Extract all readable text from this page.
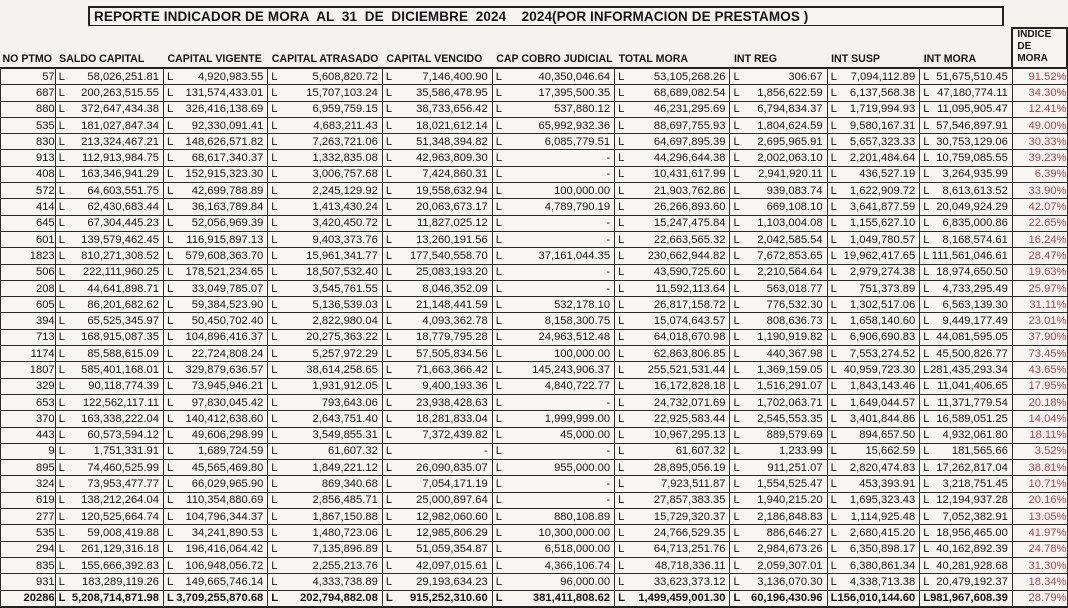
REPORTE INDICADOR DE MORA  AL  31  DE  DICIEMBRE  2024    2024(POR INFORMACION DE PRESTAMOS )
NO PTMO	SALDO CAPITAL	CAPITAL VIGENTE	CAPITAL ATRASADO	CAPITAL VENCIDO	CAP COBRO JUDICIAL	TOTAL MORA	INT REG	INT SUSP	INT MORA	INDICE DE MORA
57	L 58,026,251.81	L 4,920,983.55	L 5,608,820.72	L 7,146,400.90	L 40,350,046.64	L 53,105,268.26	L 306.67	L 7,094,112.89	L 51,675,510.45	91.52%
687	L 200,263,515.55	L 131,574,433.01	L 15,707,103.24	L 35,586,478.95	L 17,395,500.35	L 68,689,082.54	L 1,856,622.59	L 6,137,568.38	L 47,180,774.11	34.30%
880	L 372,647,434.38	L 326,416,138.69	L 6,959,759.15	L 38,733,656.42	L 537,880.12	L 46,231,295.69	L 6,794,834.37	L 1,719,994.93	L 11,095,905.47	12.41%
535	L 181,027,847.34	L 92,330,091.41	L 4,683,211.43	L 18,021,612.14	L 65,992,932.36	L 88,697,755.93	L 1,804,624.59	L 9,580,167.31	L 57,546,897.91	49.00%
830	L 213,324,467.21	L 148,626,571.82	L 7,263,721.06	L 51,348,394.82	L 6,085,779.51	L 64,697,895.39	L 2,695,965.91	L 5,657,323.33	L 30,753,129.06	30.33%
913	L 112,913,984.75	L 68,617,340.37	L 1,332,835.08	L 42,963,809.30	L -	L 44,296,644.38	L 2,002,063.10	L 2,201,484.64	L 10,759,085.55	39.23%
408	L 163,346,941.29	L 152,915,323.30	L 3,006,757.68	L 7,424,860.31	L -	L 10,431,617.99	L 2,941,920.11	L 436,527.19	L 3,264,935.99	6.39%
572	L 64,603,551.75	L 42,699,788.89	L 2,245,129.92	L 19,558,632.94	L 100,000.00	L 21,903,762.86	L 939,083.74	L 1,622,909.72	L 8,613,613.52	33.90%
414	L 62,430,683.44	L 36,163,789.84	L 1,413,430.24	L 20,063,673.17	L 4,789,790.19	L 26,266,893.60	L 669,108.10	L 3,641,877.59	L 20,049,924.29	42.07%
645	L 67,304,445.23	L 52,056,969.39	L 3,420,450.72	L 11,827,025.12	L -	L 15,247,475.84	L 1,103,004.08	L 1,155,627.10	L 6,835,000.86	22.65%
601	L 139,579,462.45	L 116,915,897.13	L 9,403,373.76	L 13,260,191.56	L -	L 22,663,565.32	L 2,042,585.54	L 1,049,780.57	L 8,168,574.61	16.24%
1823	L 810,271,308.52	L 579,608,363.70	L 15,961,341.77	L 177,540,558.70	L 37,161,044.35	L 230,662,944.82	L 7,672,853.65	L 19,962,417.65	L 111,561,046.61	28.47%
506	L 222,111,960.25	L 178,521,234.65	L 18,507,532.40	L 25,083,193.20	L -	L 43,590,725.60	L 2,210,564.64	L 2,979,274.38	L 18,974,650.50	19.63%
208	L 44,641,898.71	L 33,049,785.07	L 3,545,761.55	L 8,046,352.09	L -	L 11,592,113.64	L 563,018.77	L 751,373.89	L 4,733,295.49	25.97%
605	L 86,201,682.62	L 59,384,523.90	L 5,136,539.03	L 21,148,441.59	L 532,178.10	L 26,817,158.72	L 776,532.30	L 1,302,517.06	L 6,563,139.30	31.11%
394	L 65,525,345.97	L 50,450,702.40	L 2,822,980.04	L 4,093,362.78	L 8,158,300.75	L 15,074,643.57	L 808,636.73	L 1,658,140.60	L 9,449,177.49	23.01%
713	L 168,915,087.35	L 104,896,416.37	L 20,275,363.22	L 18,779,795.28	L 24,963,512.48	L 64,018,670.98	L 1,190,919.82	L 6,906,690.83	L 44,081,595.05	37.90%
1174	L 85,588,615.09	L 22,724,808.24	L 5,257,972.29	L 57,505,834.56	L 100,000.00	L 62,863,806.85	L 440,367.98	L 7,553,274.52	L 45,500,826.77	73.45%
1807	L 585,401,168.01	L 329,879,636.57	L 38,614,258.65	L 71,663,366.42	L 145,243,906.37	L 255,521,531.44	L 1,369,159.05	L 40,959,723.30	L 281,435,293.34	43.65%
329	L 90,118,774.39	L 73,945,946.21	L 1,931,912.05	L 9,400,193.36	L 4,840,722.77	L 16,172,828.18	L 1,516,291.07	L 1,843,143.46	L 11,041,406.65	17.95%
653	L 122,562,117.11	L 97,830,045.42	L 793,643.06	L 23,938,428.63	L -	L 24,732,071.69	L 1,702,063.71	L 1,649,044.57	L 11,371,779.54	20.18%
370	L 163,338,222.04	L 140,412,638.60	L 2,643,751.40	L 18,281,833.04	L 1,999,999.00	L 22,925,583.44	L 2,545,553.35	L 3,401,844.86	L 16,589,051.25	14.04%
443	L 60,573,594.12	L 49,606,298.99	L 3,549,855.31	L 7,372,439.82	L 45,000.00	L 10,967,295.13	L 889,579.69	L 894,657.50	L 4,932,061.80	18.11%
9	L 1,751,331.91	L 1,689,724.59	L 61,607.32	L -	L -	L 61,607.32	L 1,233.99	L 15,662.59	L 181,565.66	3.52%
895	L 74,460,525.99	L 45,565,469.80	L 1,849,221.12	L 26,090,835.07	L 955,000.00	L 28,895,056.19	L 911,251.07	L 2,820,474.83	L 17,262,817.04	38.81%
324	L 73,953,477.77	L 66,029,965.90	L 869,340.68	L 7,054,171.19	L -	L 7,923,511.87	L 1,554,525.47	L 453,393.91	L 3,218,751.45	10.71%
619	L 138,212,264.04	L 110,354,880.69	L 2,856,485.71	L 25,000,897.64	L -	L 27,857,383.35	L 1,940,215.20	L 1,695,323.43	L 12,194,937.28	20.16%
277	L 120,525,664.74	L 104,796,344.37	L 1,867,150.88	L 12,982,060.60	L 880,108.89	L 15,729,320.37	L 2,186,848.83	L 1,114,925.48	L 7,052,382.91	13.05%
535	L 59,008,419.88	L 34,241,890.53	L 1,480,723.06	L 12,985,806.29	L 10,300,000.00	L 24,766,529.35	L 886,646.27	L 2,680,415.20	L 18,956,465.00	41.97%
294	L 261,129,316.18	L 196,416,064.42	L 7,135,896.89	L 51,059,354.87	L 6,518,000.00	L 64,713,251.76	L 2,984,673.26	L 6,350,898.17	L 40,162,892.39	24.78%
835	L 155,666,392.83	L 106,948,056.72	L 2,255,213.76	L 42,097,015.61	L 4,366,106.74	L 48,718,336.11	L 2,059,307.01	L 6,380,861.34	L 40,281,928.68	31.30%
931	L 183,289,119.26	L 149,665,746.14	L 4,333,738.89	L 29,193,634.23	L 96,000.00	L 33,623,373.12	L 3,136,070.30	L 4,338,713.38	L 20,479,192.37	18.34%
20286	L 5,208,714,871.98	L 3,709,255,870.68	L 202,794,882.08	L 915,252,310.60	L 381,411,808.62	L 1,499,459,001.30	L 60,196,430.96	L 156,010,144.60	L 981,967,608.39	28.79%
